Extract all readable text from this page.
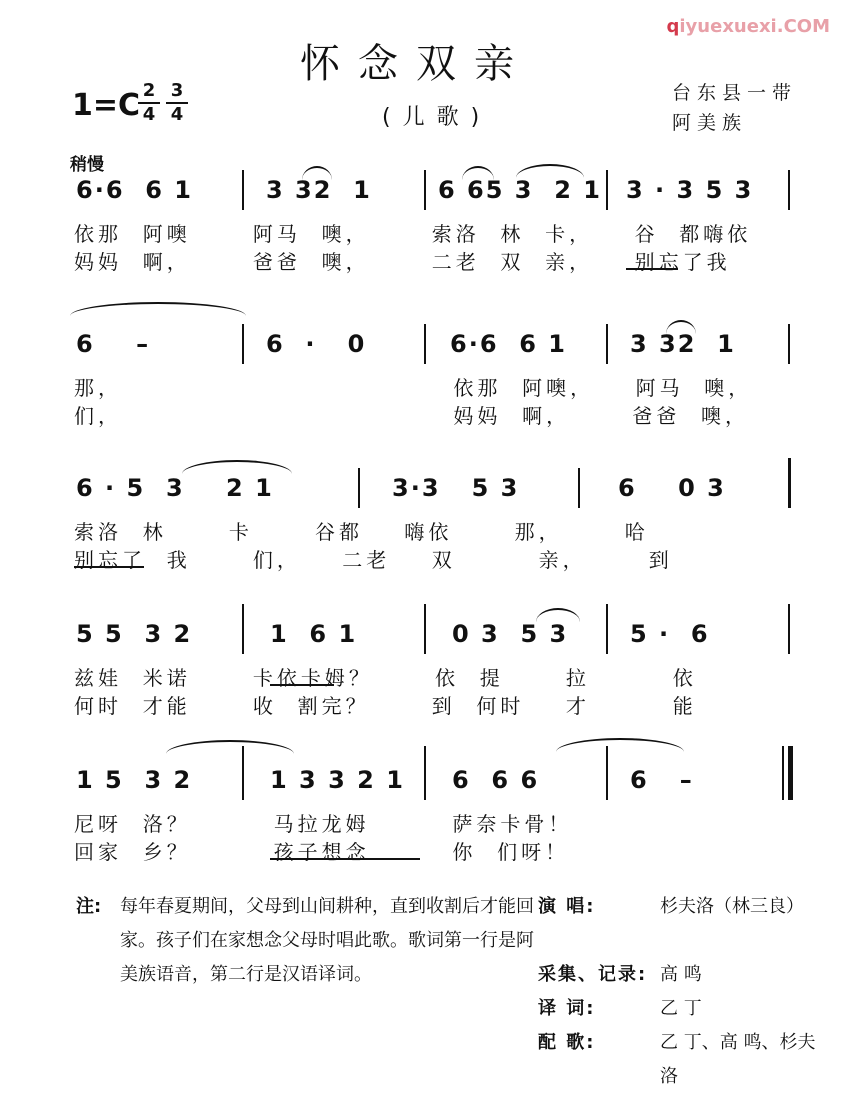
qiyuexuexi.COM
怀念双亲
(儿歌)
台东县一带
阿美族
1=C 2
4
3
4
稍慢
6·6  6 1	3 32  1	6 65 3  2 1 3 · 3 5 3
依那  阿噢      阿马  噢，      索洛  林  卡，    谷  都嗨依
妈妈  啊，      爸爸  噢，      二老  双  亲，    别忘了我
6    –	6  ·   0	6·6  6 1	3 32  1
那，                                依那  阿噢，    阿马  噢，
们，                                妈妈  啊，      爸爸  噢，
6 · 5  3    2 1	3·3   5 3	6    0 3
索洛  林      卡      谷都    嗨依      那，      哈
别忘了  我      们，    二老    双        亲，      到
5 5  3 2	1  6 1	0 3  5 3	5 ·  6
兹娃  米诺      卡依卡姆？      依  提      拉        依
何时  才能      收  割完？      到  何时    才        能
1 5  3 2	1 3 3 2 1 6  6 6	6   –
尼呀  洛？        马拉龙姆        萨奈卡骨！
回家  乡？        孩子想念        你  们呀！
注: 每年春夏期间，父母到山间耕种，直到收割后才能回家。孩子们在家想念父母时唱此歌。歌词第一行是阿美族语音，第二行是汉语译词。
演 唱:	杉夫洛（林三良）
采集、记录: 高 鸣
译 词:	乙 丁
配 歌:	乙 丁、高 鸣、杉夫洛
